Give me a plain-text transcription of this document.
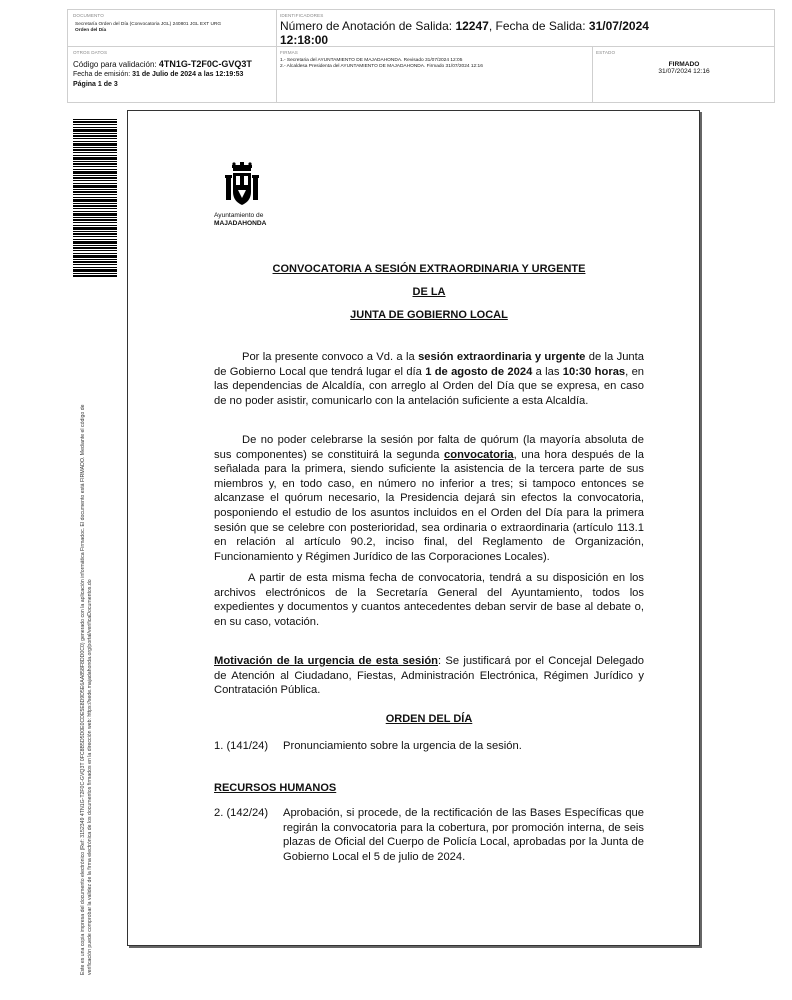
DOCUMENTO
Secretaría Orden del Día (Convocatoria JGL) 240801 JGL EXT URG
Orden del Día
IDENTIFICADORES
Número de Anotación de Salida: 12247, Fecha de Salida: 31/07/2024
12:18:00
OTROS DATOS
Código para validación: 4TN1G-T2F0C-GVQ3T
Fecha de emisión: 31 de Julio de 2024 a las 12:19:53
Página 1 de 3
FIRMAS
1.- Secretaria del AYUNTAMIENTO DE MAJADAHONDA. Revisado 31/07/2024 12:05
2.- Alcaldesa Presidenta del AYUNTAMIENTO DE MAJADAHONDA. Firmado 31/07/2024 12:16
ESTADO
FIRMADO
31/07/2024 12:16
Este es una copia impresa del documento electrónico (Ref: 3152349 4TN1G-T2F0C-GVQ3T 0FC8B5D5D0E0CDE5E8D9D5E6AA858F8DD0C0) generado con la aplicación informática Firmadoc. El documento está FIRMADO. Mediante el código de verificación puede comprobar la validez de la firma electrónica de los documentos firmados en la dirección web: https://sede.majadahonda.org/portal/verificaDocumentos.do
Ayuntamiento de
MAJADAHONDA
CONVOCATORIA A SESIÓN EXTRAORDINARIA Y URGENTE
DE LA
JUNTA DE GOBIERNO LOCAL
Por la presente convoco a Vd. a la sesión extraordinaria y urgente de la Junta de Gobierno Local que tendrá lugar el día 1 de agosto de 2024 a las 10:30 horas, en las dependencias de Alcaldía, con arreglo al Orden del Día que se expresa, en caso de no poder asistir, comunicarlo con la antelación suficiente a esta Alcaldía.
De no poder celebrarse la sesión por falta de quórum (la mayoría absoluta de sus componentes) se constituirá la segunda convocatoria, una hora después de la señalada para la primera, siendo suficiente la asistencia de la tercera parte de sus miembros y, en todo caso, en número no inferior a tres; si tampoco entonces se alcanzase el quórum necesario, la Presidencia dejará sin efectos la convocatoria, posponiendo el estudio de los asuntos incluidos en el Orden del Día para la primera sesión que se celebre con posterioridad, sea ordinaria o extraordinaria (artículo 113.1 en relación al artículo 90.2, inciso final, del Reglamento de Organización, Funcionamiento y Régimen Jurídico de las Corporaciones Locales).
A partir de esta misma fecha de convocatoria, tendrá a su disposición en los archivos electrónicos de la Secretaría General del Ayuntamiento, todos los expedientes y documentos y cuantos antecedentes deban servir de base al debate o, en su caso, votación.
Motivación de la urgencia de esta sesión: Se justificará por el Concejal Delegado de Atención al Ciudadano, Fiestas, Administración Electrónica, Régimen Jurídico y Contratación Pública.
ORDEN DEL DÍA
1. (141/24) Pronunciamiento sobre la urgencia de la sesión.
RECURSOS HUMANOS
2. (142/24) Aprobación, si procede, de la rectificación de las Bases Específicas que regirán la convocatoria para la cobertura, por promoción interna, de seis plazas de Oficial del Cuerpo de Policía Local, aprobadas por la Junta de Gobierno Local el 5 de julio de 2024.
